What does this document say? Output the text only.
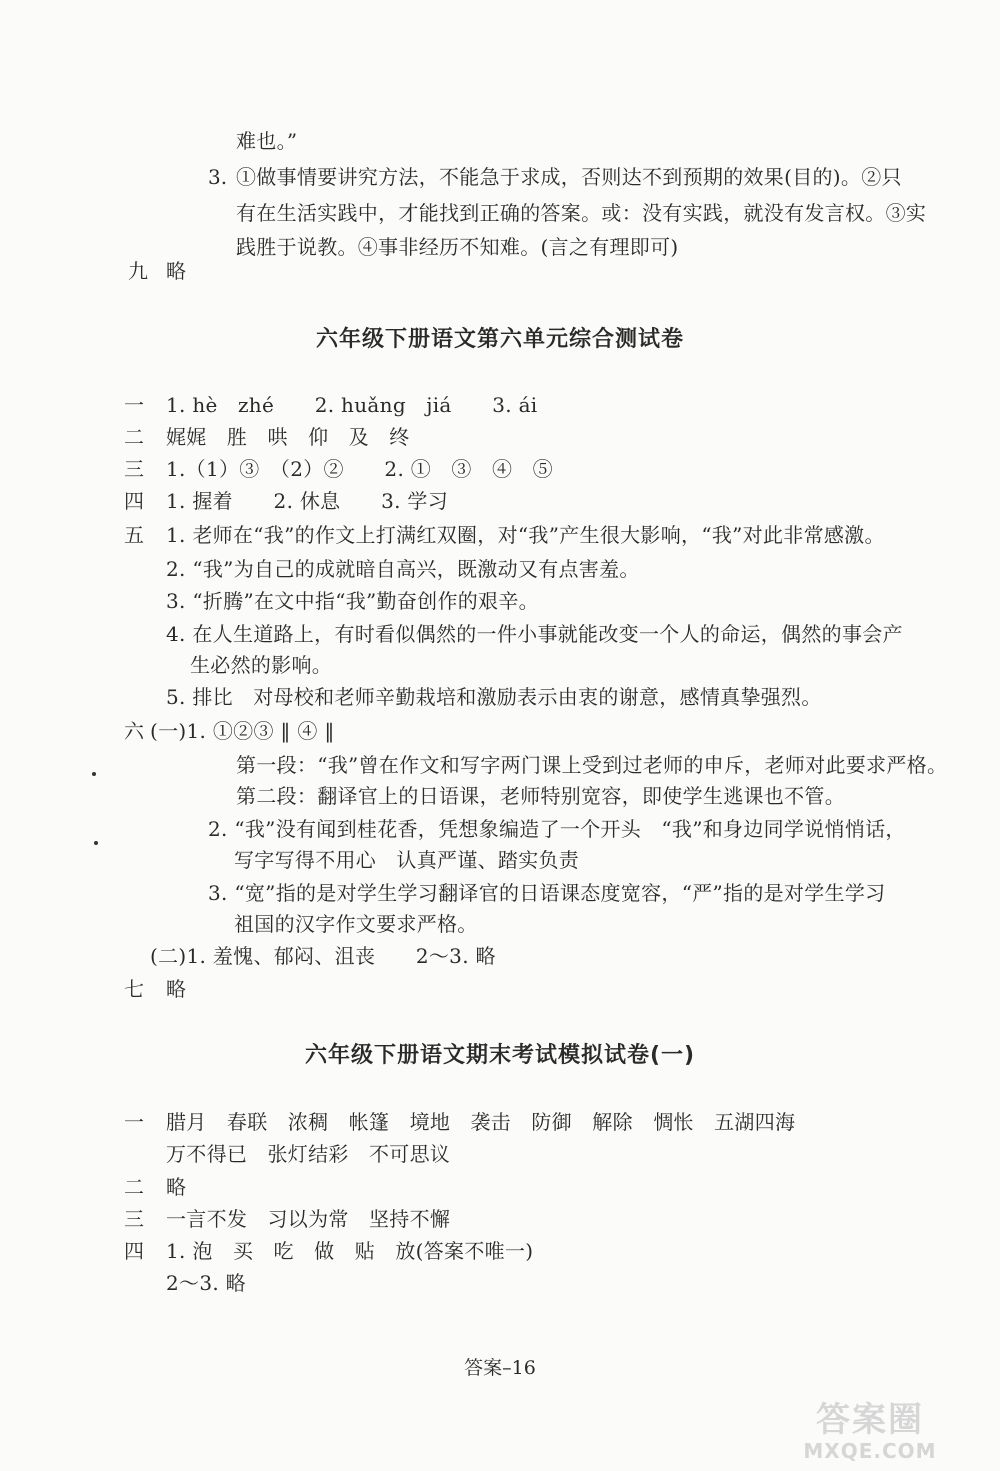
难也。”
3. ①做事情要讲究方法，不能急于求成，否则达不到预期的效果(目的)。②只
有在生活实践中，才能找到正确的答案。或：没有实践，就没有发言权。③实
践胜于说教。④事非经历不知难。(言之有理即可)
九 略
六年级下册语文第六单元综合测试卷
一 1. hè　zhé　　2. huǎng　jiá　　3. ái
二 娓娓　胜　哄　仰　及　终
三 1.（1）③　（2）②　　2. ①　③　④　⑤
四 1. 握着　　2. 休息　　3. 学习
五 1. 老师在“我”的作文上打满红双圈，对“我”产生很大影响，“我”对此非常感激。
2. “我”为自己的成就暗自高兴，既激动又有点害羞。
3. “折腾”在文中指“我”勤奋创作的艰辛。
4. 在人生道路上，有时看似偶然的一件小事就能改变一个人的命运，偶然的事会产
生必然的影响。
5. 排比　对母校和老师辛勤栽培和激励表示由衷的谢意，感情真挚强烈。
六 (一)1. ①②③ ‖ ④ ‖
第一段：“我”曾在作文和写字两门课上受到过老师的申斥，老师对此要求严格。
第二段：翻译官上的日语课，老师特别宽容，即使学生逃课也不管。
2. “我”没有闻到桂花香，凭想象编造了一个开头　“我”和身边同学说悄悄话，
写字写得不用心　认真严谨、踏实负责
3. “宽”指的是对学生学习翻译官的日语课态度宽容，“严”指的是对学生学习
祖国的汉字作文要求严格。
(二)1. 羞愧、郁闷、沮丧　　2～3. 略
七 略
六年级下册语文期末考试模拟试卷(一)
一 腊月　春联　浓稠　帐篷　境地　袭击　防御　解除　惆怅　五湖四海
万不得已　张灯结彩　不可思议
二 略
三 一言不发　习以为常　坚持不懈
四 1. 泡　买　吃　做　贴　放(答案不唯一)
2～3. 略
答案–16
答案圈
MXQE.COM
